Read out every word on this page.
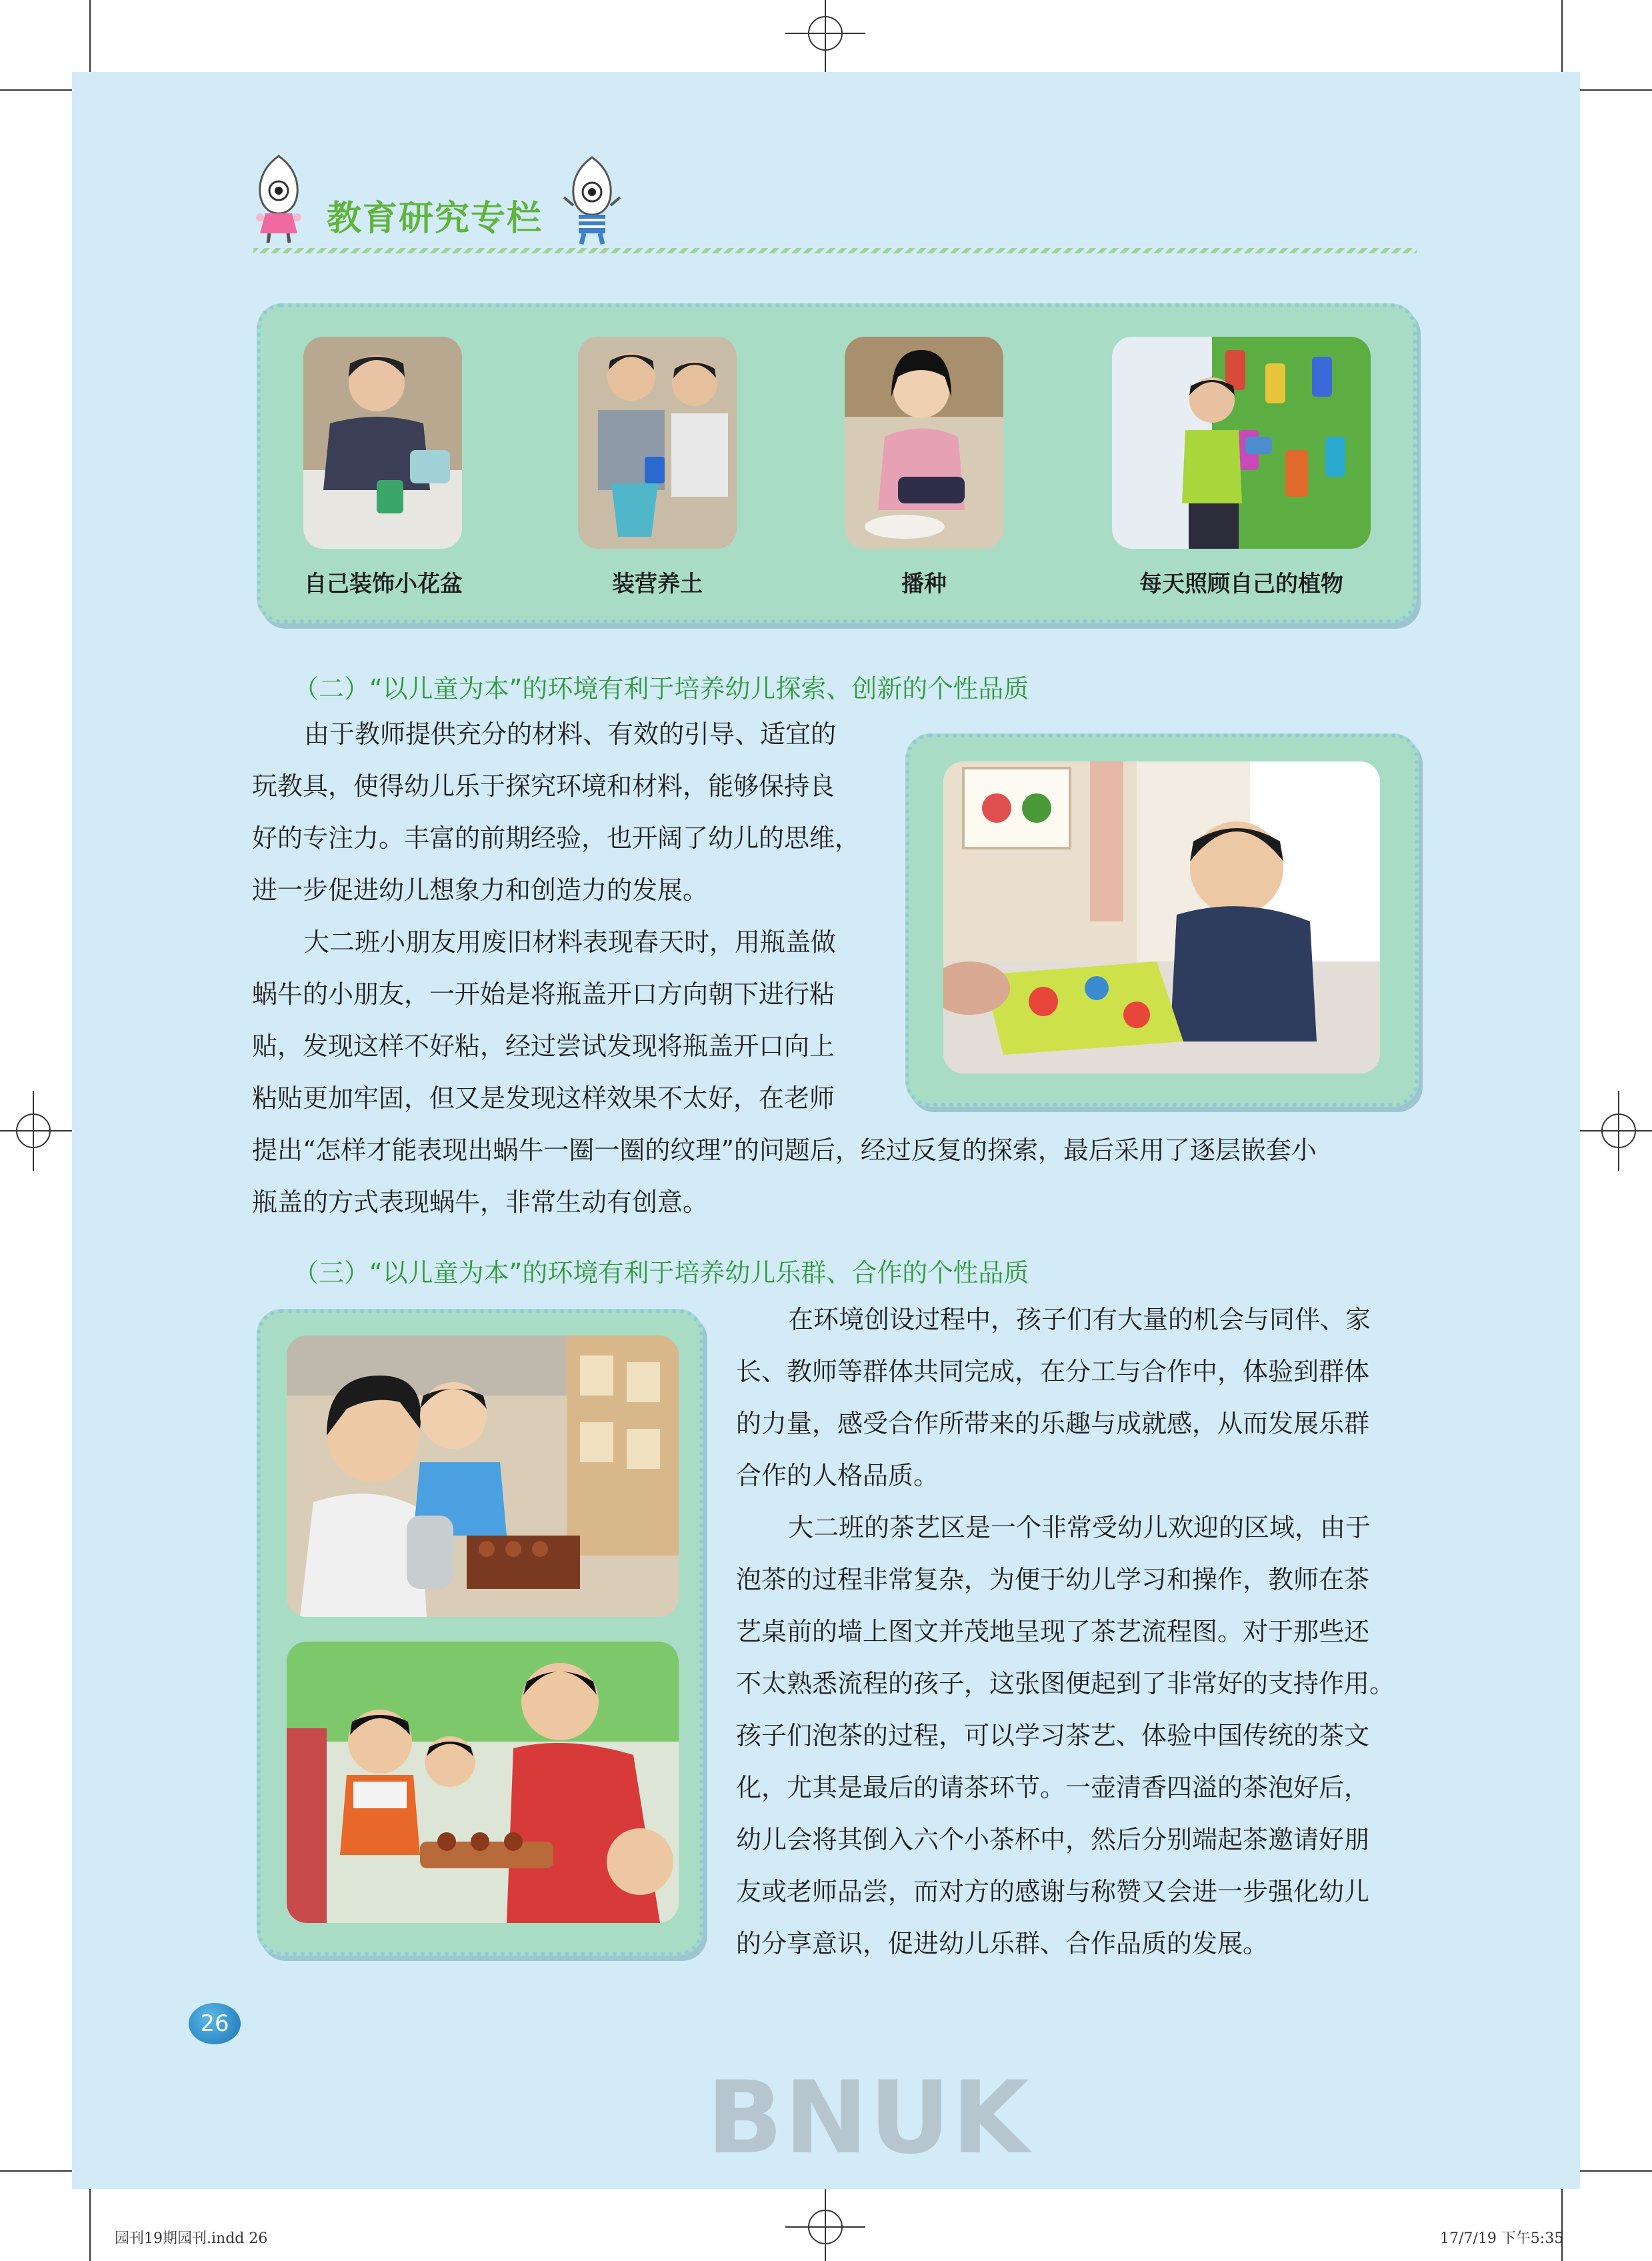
教育研究专栏
自己装饰小花盆	装营养土	播种	每天照顾自己的植物
（二）“以儿童为本”的环境有利于培养幼儿探索、创新的个性品质
由于教师提供充分的材料、有效的引导、适宜的
玩教具，使得幼儿乐于探究环境和材料，能够保持良
好的专注力。丰富的前期经验，也开阔了幼儿的思维，
进一步促进幼儿想象力和创造力的发展。
大二班小朋友用废旧材料表现春天时，用瓶盖做
蜗牛的小朋友，一开始是将瓶盖开口方向朝下进行粘
贴，发现这样不好粘，经过尝试发现将瓶盖开口向上
粘贴更加牢固，但又是发现这样效果不太好，在老师
提出“怎样才能表现出蜗牛一圈一圈的纹理”的问题后，经过反复的探索，最后采用了逐层嵌套小
瓶盖的方式表现蜗牛，非常生动有创意。
（三）“以儿童为本”的环境有利于培养幼儿乐群、合作的个性品质
在环境创设过程中，孩子们有大量的机会与同伴、家
长、教师等群体共同完成，在分工与合作中，体验到群体
的力量，感受合作所带来的乐趣与成就感，从而发展乐群
合作的人格品质。
大二班的茶艺区是一个非常受幼儿欢迎的区域，由于
泡茶的过程非常复杂，为便于幼儿学习和操作，教师在茶
艺桌前的墙上图文并茂地呈现了茶艺流程图。对于那些还
不太熟悉流程的孩子，这张图便起到了非常好的支持作用。
孩子们泡茶的过程，可以学习茶艺、体验中国传统的茶文
化，尤其是最后的请茶环节。一壶清香四溢的茶泡好后，
幼儿会将其倒入六个小茶杯中，然后分别端起茶邀请好朋
友或老师品尝，而对方的感谢与称赞又会进一步强化幼儿
的分享意识，促进幼儿乐群、合作品质的发展。
26
BNUK
园刊19期园刊.indd 26	17/7/19 下午5:35
